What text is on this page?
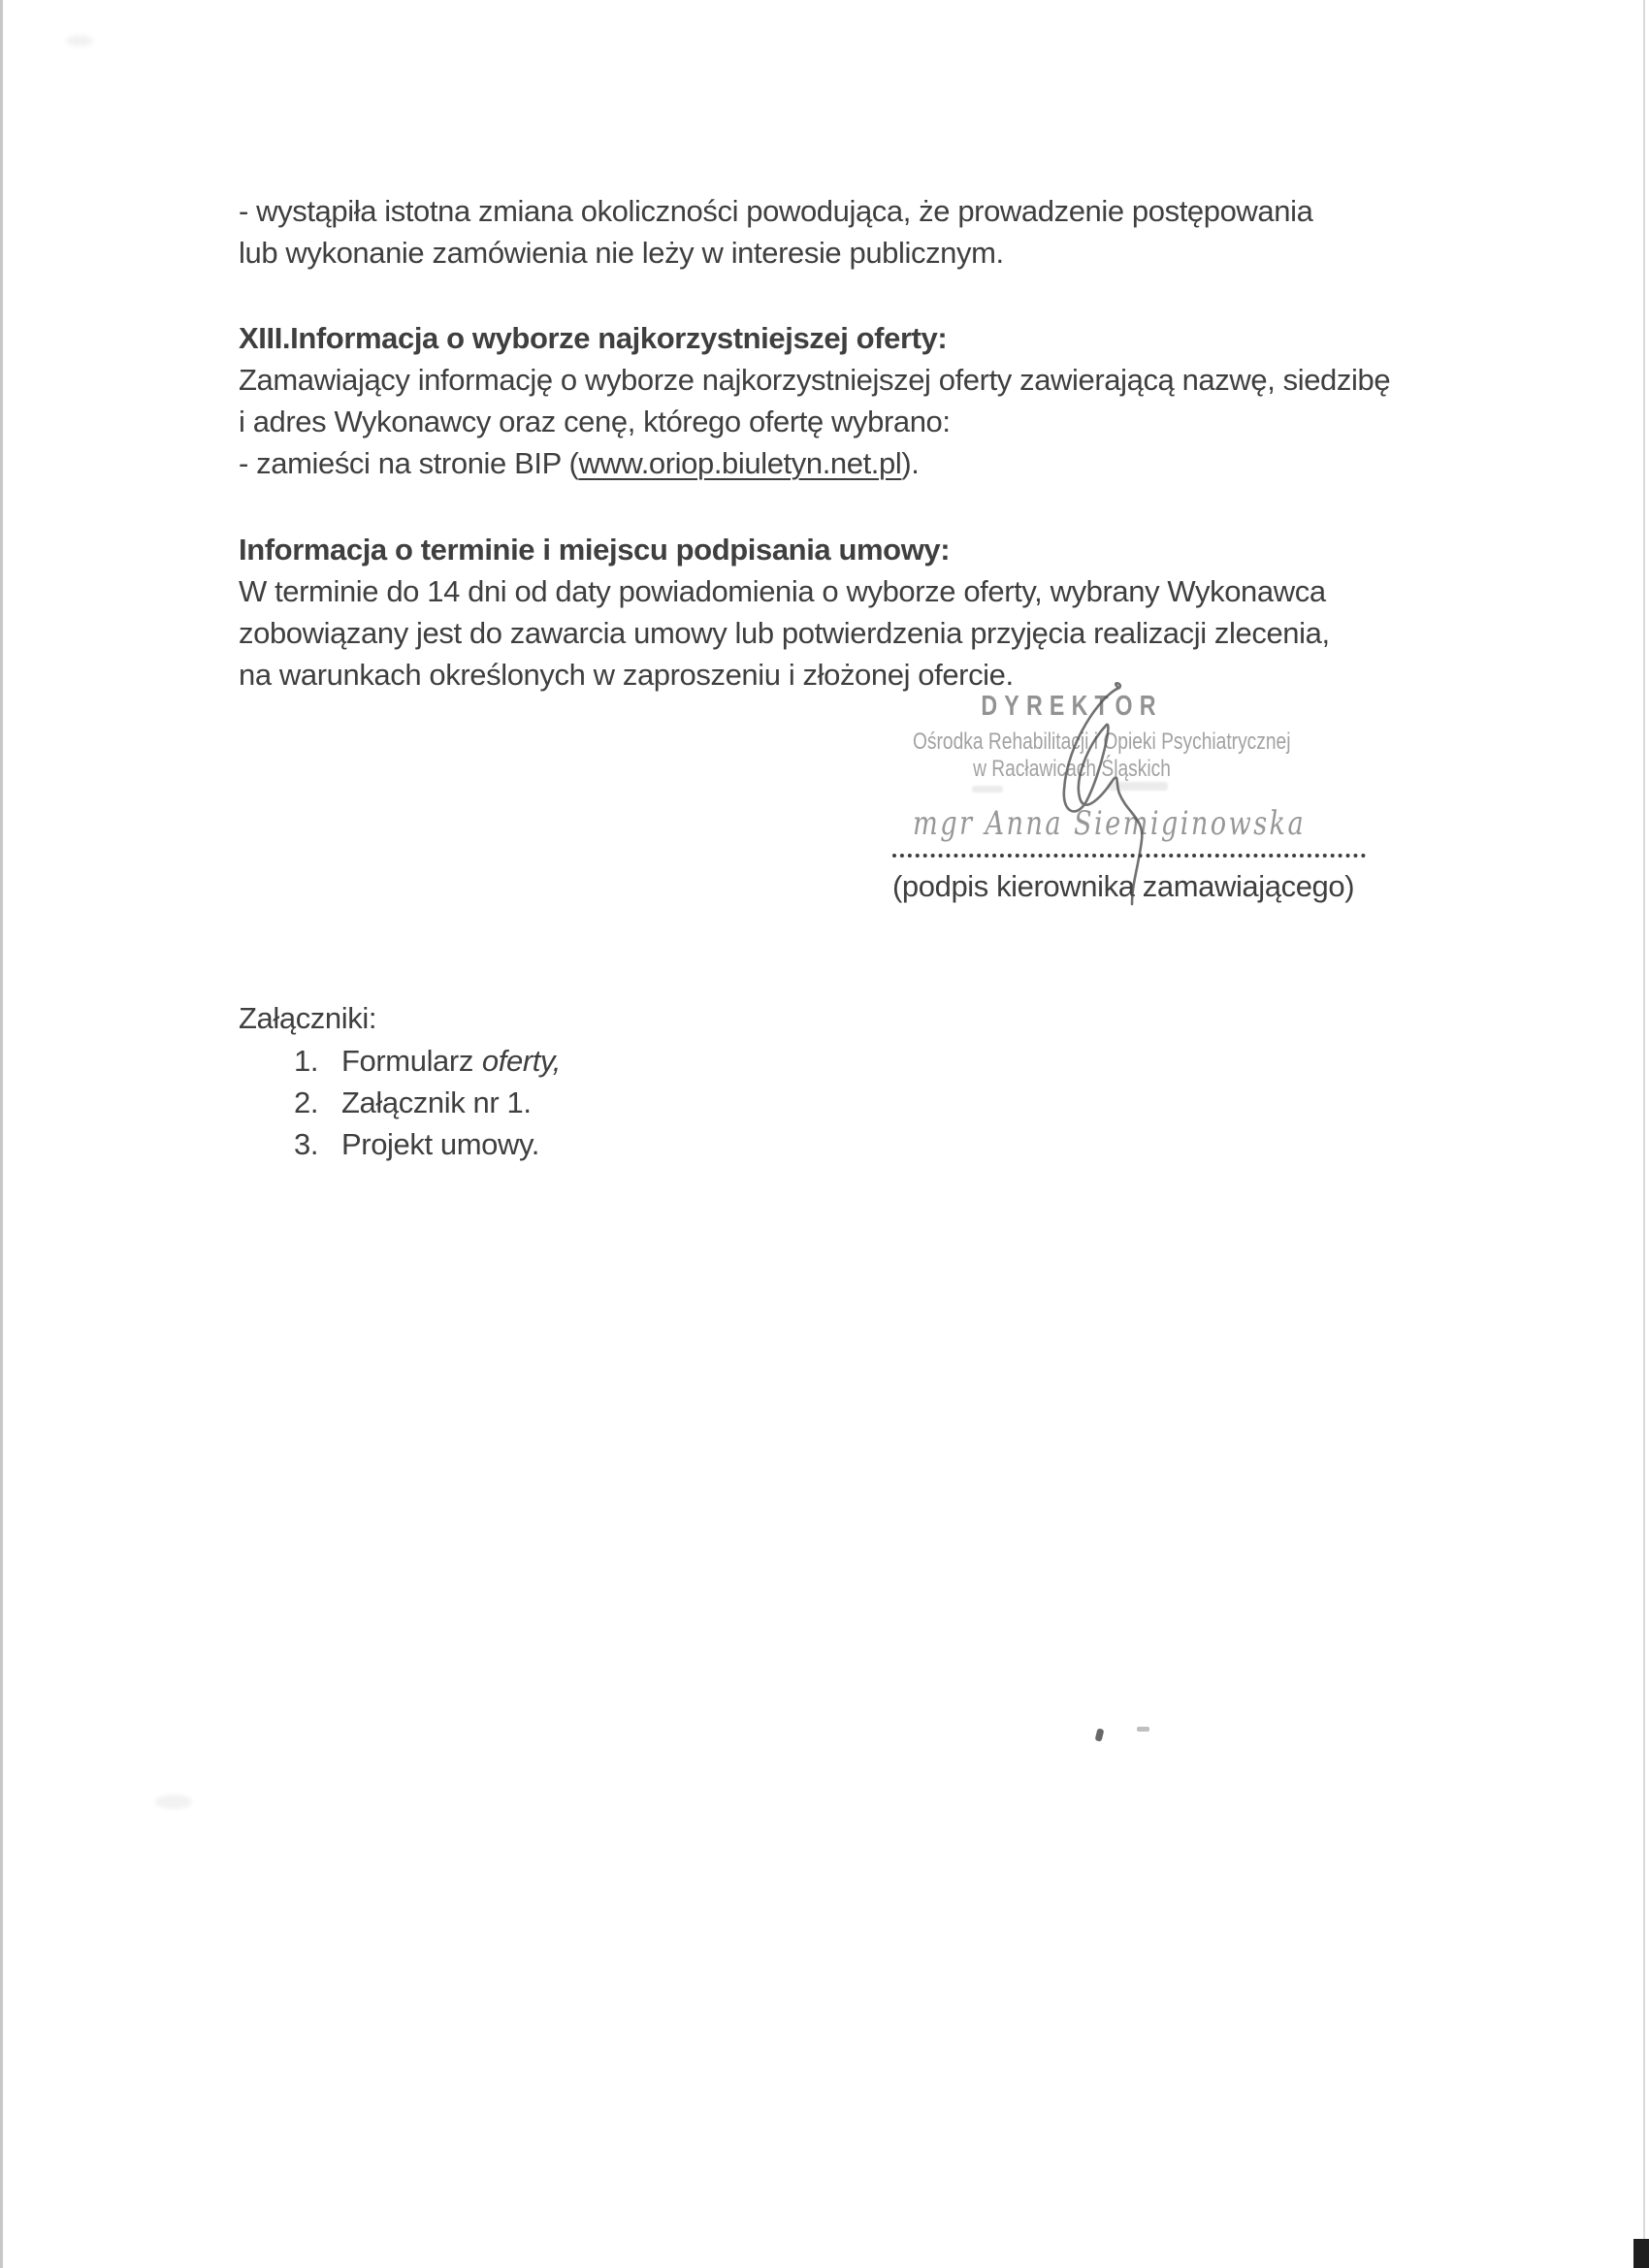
- wystąpiła istotna zmiana okoliczności powodująca, że prowadzenie postępowania
lub wykonanie zamówienia nie leży w interesie publicznym.
XIII.Informacja o wyborze najkorzystniejszej oferty:
Zamawiający informację o wyborze najkorzystniejszej oferty zawierającą nazwę, siedzibę
i adres Wykonawcy oraz cenę, którego ofertę wybrano:
- zamieści na stronie BIP (www.oriop.biuletyn.net.pl).
Informacja o terminie i miejscu podpisania umowy:
W terminie do 14 dni od daty powiadomienia o wyborze oferty, wybrany Wykonawca
zobowiązany jest do zawarcia umowy lub potwierdzenia przyjęcia realizacji zlecenia,
na warunkach określonych w zaproszeniu i złożonej ofercie.
DYREKTOR
Ośrodka Rehabilitacji i Opieki Psychiatrycznej
w Racławicach Śląskich
mgr Anna Siemiginowska
(podpis kierownika zamawiającego)
Załączniki:
1. Formularz oferty,
2. Załącznik nr 1.
3. Projekt umowy.
